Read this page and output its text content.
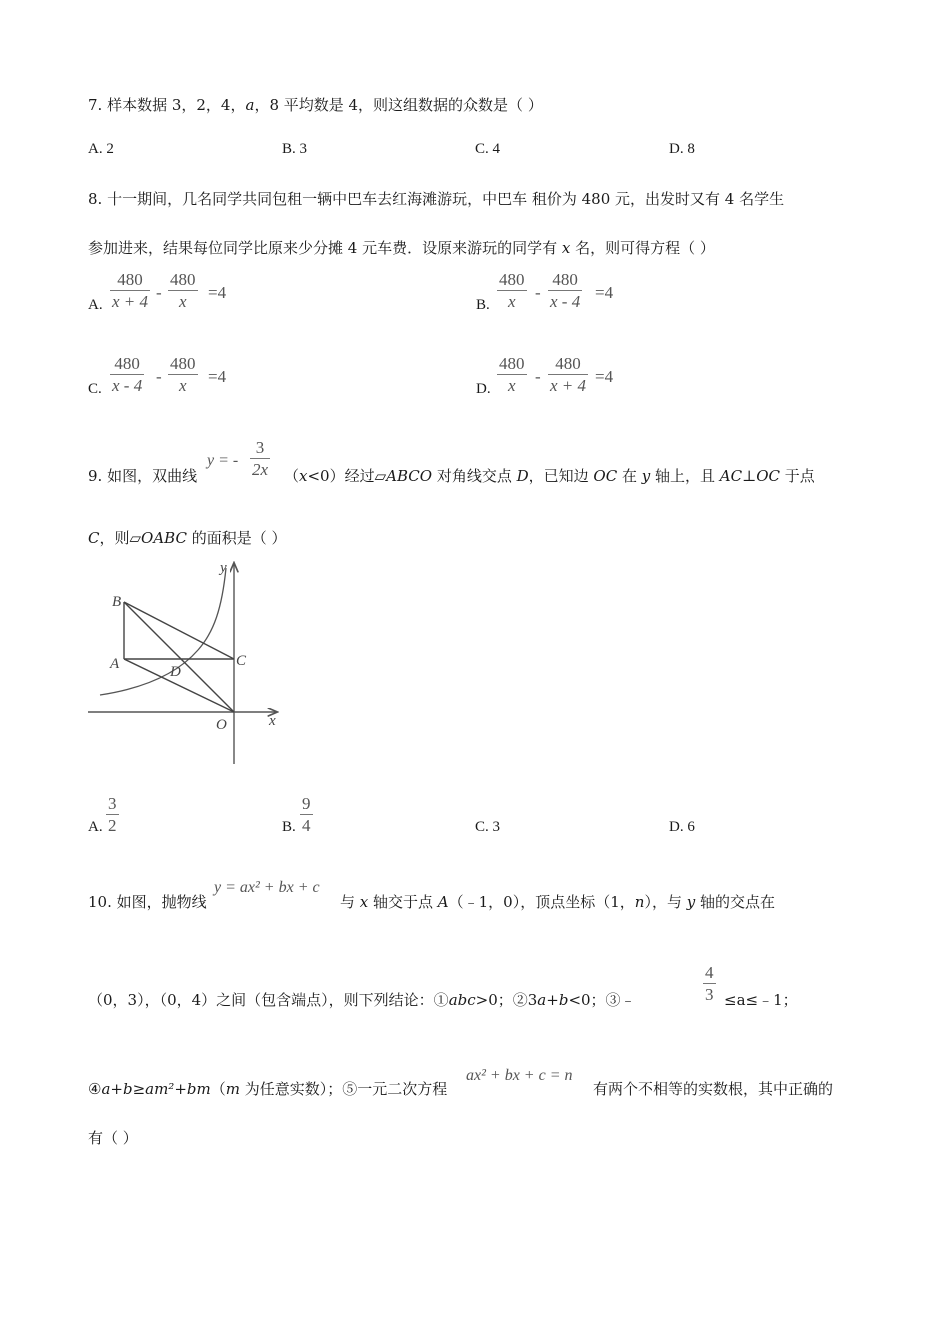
7. 样本数据 3，2，4，a，8 平均数是 4，则这组数据的众数是（ ）
A. 2	B. 3	C. 4	D. 8
8. 十一期间，几名同学共同包租一辆中巴车去红海滩游玩，中巴车 租价为 480 元，出发时又有 4 名学生
参加进来，结果每位同学比原来少分摊 4 元车费．设原来游玩的同学有 x 名，则可得方程（ ）
A. $\frac{480}{x + 4} - \frac{480}{x} =4$
B. $\frac{480}{x} - \frac{480}{x - 4} =4$
C. $\frac{480}{x - 4} - \frac{480}{x} =4$
D. $\frac{480}{x} - \frac{480}{x + 4} =4$
9. 如图，双曲线
y = - $\frac{3}{2x} (x<0)$经过▱ABCO 对角线交点 D，已知边 OC 在 y 轴上，且 AC⊥OC 于点
C，则▱OABC 的面积是（ ）
y
x
B
A	C
D
O
A. $\frac{3}{2}$	B. $\frac{9}{4}$	C. 3	D. 6
10. 如图，抛物线
y = ax² + bx + c
与 x 轴交于点 A（﹣1，0），顶点坐标（1，n），与 y 轴的交点在
（0，3），（0，4）之间（包含端点），则下列结论：①abc>0；②3a+b<0；③﹣	$\frac{4}{3}$ ≤a≤﹣1；
④a+b≥am²+bm（m 为任意实数）；⑤一元二次方程
ax² + bx + c = n
有两个不相等的实数根，其中正确的
有（ ）
